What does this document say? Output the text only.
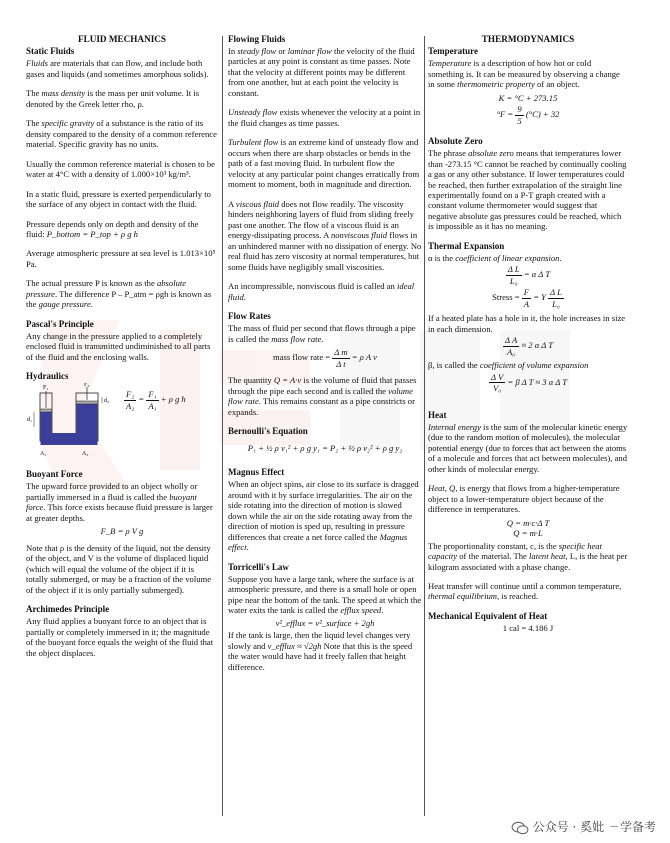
FLUID MECHANICS
Static Fluids

Fluids are materials that can flow, and include both gases and liquids (and sometimes amorphous solids).

The mass density is the mass per unit volume. It is denoted by the Greek letter rho, ρ.

The specific gravity of a substance is the ratio of its density compared to the density of a common reference material. Specific gravity has no units.

Usually the common reference material is chosen to be water at 4°C with a density of 1.000×10³ kg/m³.

In a static fluid, pressure is exerted perpendicularly to the surface of any object in contact with the fluid.

Pressure depends only on depth and density of the fluid: P_bottom = P_top + ρ g h

Average atmospheric pressure at sea level is 1.013×10⁵ Pa.

The actual pressure P is known as the absolute pressure. The difference P – P_atm = ρgh is known as the gauge pressure.

Pascal's Principle

Any change in the pressure applied to a completely enclosed fluid is transmitted undiminished to all parts of the fluid and the enclosing walls.

Hydraulics
F₁	F₂
d₁
d₂
A₁	A₂
$\frac{\text{F₂}}{\text{A₂}} = \frac{\text{F₁}}{\text{A₁}} + \rho$ g h
Buoyant Force

The upward force provided to an object wholly or partially immersed in a fluid is called the buoyant force. This force exists because fluid pressure is larger at greater depths.

F_B = ρ V g

Note that ρ is the density of the liquid, not the density of the object, and V is the volume of displaced liquid (which will equal the volume of the object if it is totally submerged, or may be a fraction of the volume of the object if it is only partially submerged).

Archimedes Principle

Any fluid applies a buoyant force to an object that is partially or completely immersed in it; the magnitude of the buoyant force equals the weight of the fluid that the object displaces.

Flowing Fluids

In steady flow or laminar flow the velocity of the fluid particles at any point is constant as time passes. Note that the velocity at different points may be different from one another, but at each point the velocity is constant.

Unsteady flow exists whenever the velocity at a point in the fluid changes as time passes.

Turbulent flow is an extreme kind of unsteady flow and occurs when there are sharp obstacles or bends in the path of a fast moving fluid. In turbulent flow the velocity at any particular point changes erratically from moment to moment, both in magnitude and direction.

A viscous fluid does not flow readily. The viscosity hinders neighboring layers of fluid from sliding freely past one another. The flow of a viscous fluid is an energy-dissipating process. A nonviscous fluid flows in an unhindered manner with no dissipation of energy. No real fluid has zero viscosity at normal temperatures, but some fluids have negligibly small viscosities.

An incompressible, nonviscous fluid is called an ideal fluid.

Flow Rates

The mass of fluid per second that flows through a pipe is called the mass flow rate.

mass flow rate = $\frac{\text{Δ m}}{\text{Δ t}} = \rho$ A v

The quantity Q = A·v is the volume of fluid that passes through the pipe each second and is called the volume flow rate. This remains constant as a pipe constricts or expands.

Bernoulli's Equation
P₁ + ½ ρ v₁² + ρ g y₁ = P₂ + ½ ρ v₂² + ρ g y₂
Magnus Effect

When an object spins, air close to its surface is dragged around with it by surface irregularities. The air on the side rotating into the direction of motion is slowed down while the air on the side rotating away from the direction of motion is sped up, resulting in pressure differences that create a net force called the Magnus effect.

Torricelli's Law

Suppose you have a large tank, where the surface is at atmospheric pressure, and there is a small hole or open pipe near the bottom of the tank. The speed at which the water exits the tank is called the efflux speed.

v²_efflux = v²_surface + 2gh

If the tank is large, then the liquid level changes very slowly and v_efflux ≈ √2gh Note that this is the speed the water would have had it freely fallen that height difference.

THERMODYNAMICS
Temperature

Temperature is a description of how hot or cold something is. It can be measured by observing a change in some thermometric property of an object.

K = °C + 273.15
$^\circ F = \frac{9}{5} (^\circ C) + 32$
Absolute Zero

The phrase absolute zero means that temperatures lower than -273.15 °C cannot be reached by continually cooling a gas or any other substance. If lower temperatures could be reached, then further extrapolation of the straight line experimentally found on a P-T graph created with a constant volume thermometer would suggest that negative absolute gas pressures could be reached, which is impossible as it has no meaning.

Thermal Expansion

α is the coefficient of linear expansion.

$\frac{\text{Δ L}}{\text{L₀}} = \alpha$ Δ T
Stress = $\frac{F}{A} = Y \frac{\text{Δ L}}{\text{L₀}}$

If a heated plate has a hole in it, the hole increases in size in each dimension.

$\frac{\text{Δ A}}{\text{A₀}} \approx 2$ α Δ T

β, is called the coefficient of volume expansion

$\frac{\text{Δ V}}{\text{V₀}} = \beta$ Δ T ≈ 3 α Δ T
Heat

Internal energy is the sum of the molecular kinetic energy (due to the random motion of molecules), the molecular potential energy (due to forces that act between the atoms of a molecule and forces that act between molecules), and other kinds of molecular energy.

Heat, Q, is energy that flows from a higher-temperature object to a lower-temperature object because of the difference in temperatures.

Q = m·c·Δ T
Q = m·L

The proportionality constant, c, is the specific heat capacity of the material. The latent heat, L, is the heat per kilogram associated with a phase change.

Heat transfer will continue until a common temperature, thermal equilibrium, is reached.

Mechanical Equivalent of Heat
1 cal = 4.186 J
公众号 · 奚妣 ㄧ学备考
